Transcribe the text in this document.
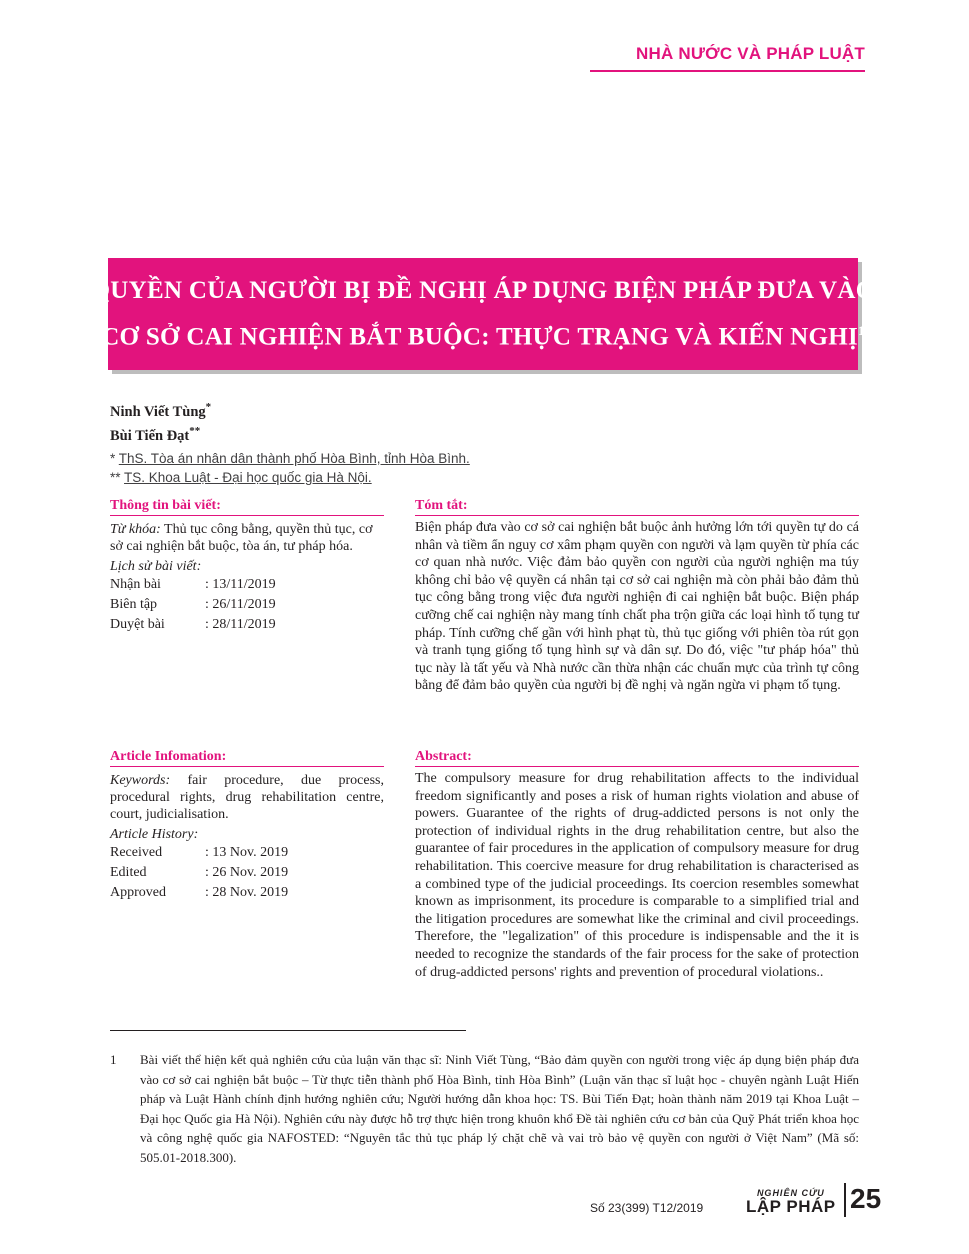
NHÀ NƯỚC VÀ PHÁP LUẬT
QUYỀN CỦA NGƯỜI BỊ ĐỀ NGHỊ ÁP DỤNG BIỆN PHÁP ĐƯA VÀO
CƠ SỞ CAI NGHIỆN BẮT BUỘC: THỰC TRẠNG VÀ KIẾN NGHỊ$^1$
Ninh Viết Tùng*
Bùi Tiến Đạt**
* ThS. Tòa án nhân dân thành phố Hòa Bình, tỉnh Hòa Bình.
** TS. Khoa Luật - Đại học quốc gia Hà Nội.
Thông tin bài viết:
Từ khóa: Thủ tục công bằng, quyền thủ tục, cơ sở cai nghiện bắt buộc, tòa án, tư pháp hóa.
Lịch sử bài viết:
Nhận bài	: 13/11/2019
Biên tập	: 26/11/2019
Duyệt bài	: 28/11/2019
Tóm tắt:

Biện pháp đưa vào cơ sở cai nghiện bắt buộc ảnh hưởng lớn tới quyền tự do cá nhân và tiềm ẩn nguy cơ xâm phạm quyền con người và lạm quyền từ phía các cơ quan nhà nước. Việc đảm bảo quyền con người của người nghiện ma túy không chỉ bảo vệ quyền cá nhân tại cơ sở cai nghiện mà còn phải bảo đảm thủ tục công bằng trong việc đưa người nghiện đi cai nghiện bắt buộc. Biện pháp cưỡng chế cai nghiện này mang tính chất pha trộn giữa các loại hình tố tụng tư pháp. Tính cưỡng chế gần với hình phạt tù, thủ tục giống với phiên tòa rút gọn và tranh tụng giống tố tụng hình sự và dân sự. Do đó, việc "tư pháp hóa" thủ tục này là tất yếu và Nhà nước cần thừa nhận các chuẩn mực của trình tự công bằng để đảm bảo quyền của người bị đề nghị và ngăn ngừa vi phạm tố tụng.

Article Infomation:
Keywords: fair procedure, due process, procedural rights, drug rehabilitation centre, court, judicialisation.
Article History:
Received	: 13 Nov. 2019
Edited	: 26 Nov. 2019
Approved	: 28 Nov. 2019
Abstract:

The compulsory measure for drug rehabilitation affects to the individual freedom significantly and poses a risk of human rights violation and abuse of powers. Guarantee of the rights of drug-addicted persons is not only the protection of individual rights in the drug rehabilitation centre, but also the guarantee of fair procedures in the application of compulsory measure for drug rehabilitation. This coercive measure for drug rehabilitation is characterised as a combined type of the judicial proceedings. Its coercion resembles somewhat known as imprisonment, its procedure is comparable to a simplified trial and the litigation procedures are somewhat like the criminal and civil proceedings. Therefore, the "legalization" of this procedure is indispensable and the it is needed to recognize the standards of the fair process for the sake of protection of drug-addicted persons' rights and prevention of procedural violations..

1 Bài viết thể hiện kết quả nghiên cứu của luận văn thạc sĩ: Ninh Viết Tùng, “Bảo đảm quyền con người trong việc áp dụng biện pháp đưa vào cơ sở cai nghiện bắt buộc – Từ thực tiễn thành phố Hòa Bình, tỉnh Hòa Bình” (Luận văn thạc sĩ luật học - chuyên ngành Luật Hiến pháp và Luật Hành chính định hướng nghiên cứu; Người hướng dẫn khoa học: TS. Bùi Tiến Đạt; hoàn thành năm 2019 tại Khoa Luật – Đại học Quốc gia Hà Nội). Nghiên cứu này được hỗ trợ thực hiện trong khuôn khổ Đề tài nghiên cứu cơ bản của Quỹ Phát triển khoa học và công nghệ quốc gia NAFOSTED: “Nguyên tắc thủ tục pháp lý chặt chẽ và vai trò bảo vệ quyền con người ở Việt Nam” (Mã số: 505.01-2018.300).
Số 23(399) T12/2019
NGHIÊN CỨU
LẬP PHÁP 25
